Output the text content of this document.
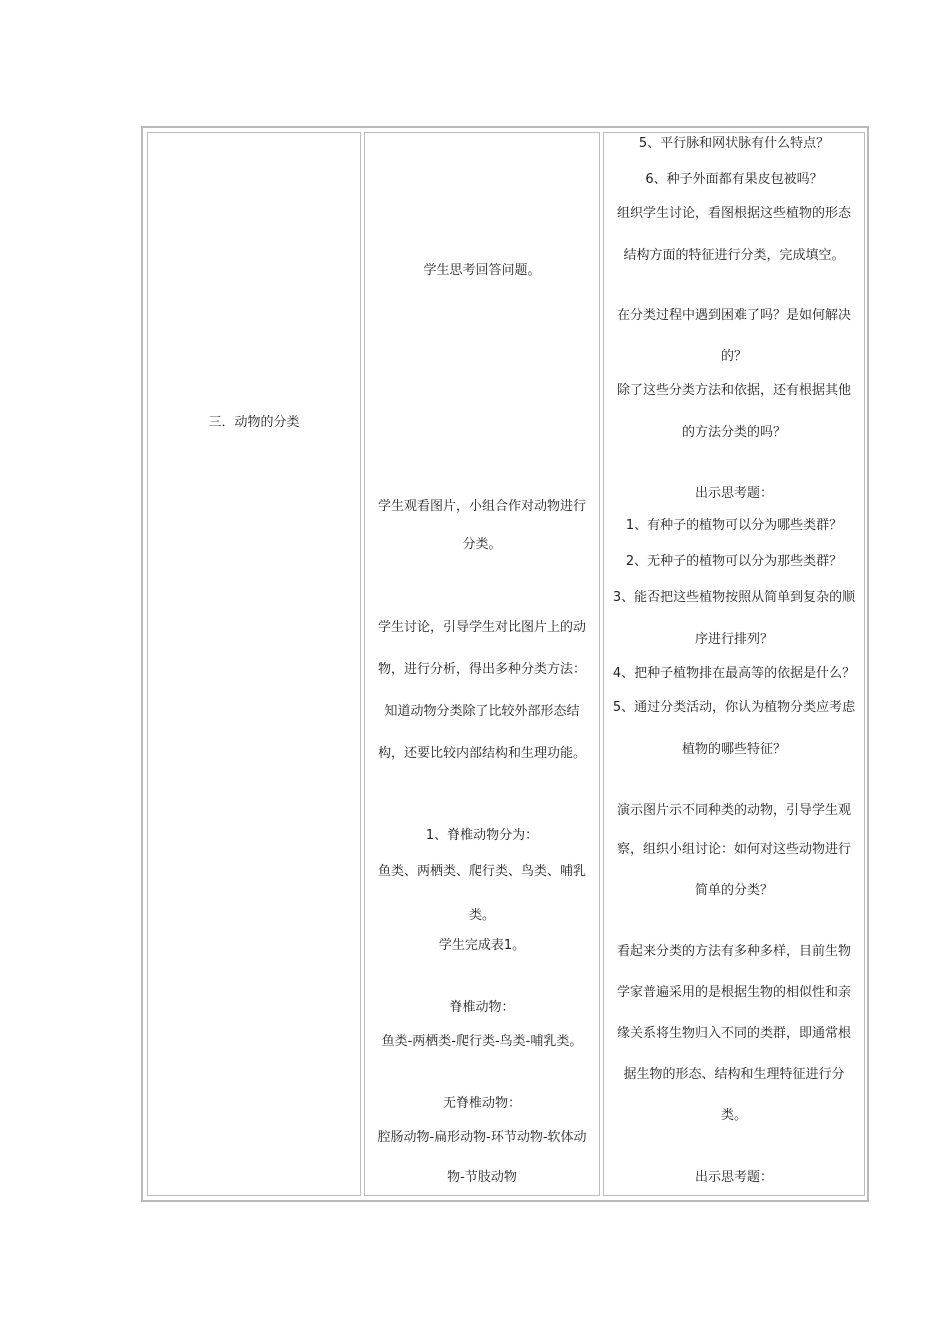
三．动物的分类
学生思考回答问题。
学生观看图片，小组合作对动物进行
分类。
学生讨论，引导学生对比图片上的动
物，进行分析，得出多种分类方法：
知道动物分类除了比较外部形态结
构，还要比较内部结构和生理功能。
1、脊椎动物分为：
鱼类、两栖类、爬行类、鸟类、哺乳
类。
学生完成表1。
脊椎动物：
鱼类-两栖类-爬行类-鸟类-哺乳类。
无脊椎动物：
腔肠动物-扁形动物-环节动物-软体动
物-节肢动物
5、平行脉和网状脉有什么特点？
6、种子外面都有果皮包被吗？
组织学生讨论，看图根据这些植物的形态
结构方面的特征进行分类，完成填空。
在分类过程中遇到困难了吗？是如何解决
的？
除了这些分类方法和依据，还有根据其他
的方法分类的吗？
出示思考题：
1、有种子的植物可以分为哪些类群？
2、无种子的植物可以分为那些类群？
3、能否把这些植物按照从简单到复杂的顺
序进行排列？
4、把种子植物排在最高等的依据是什么？
5、通过分类活动，你认为植物分类应考虑
植物的哪些特征？
演示图片示不同种类的动物，引导学生观
察，组织小组讨论：如何对这些动物进行
简单的分类？
看起来分类的方法有多种多样，目前生物
学家普遍采用的是根据生物的相似性和亲
缘关系将生物归入不同的类群，即通常根
据生物的形态、结构和生理特征进行分
类。
出示思考题：
